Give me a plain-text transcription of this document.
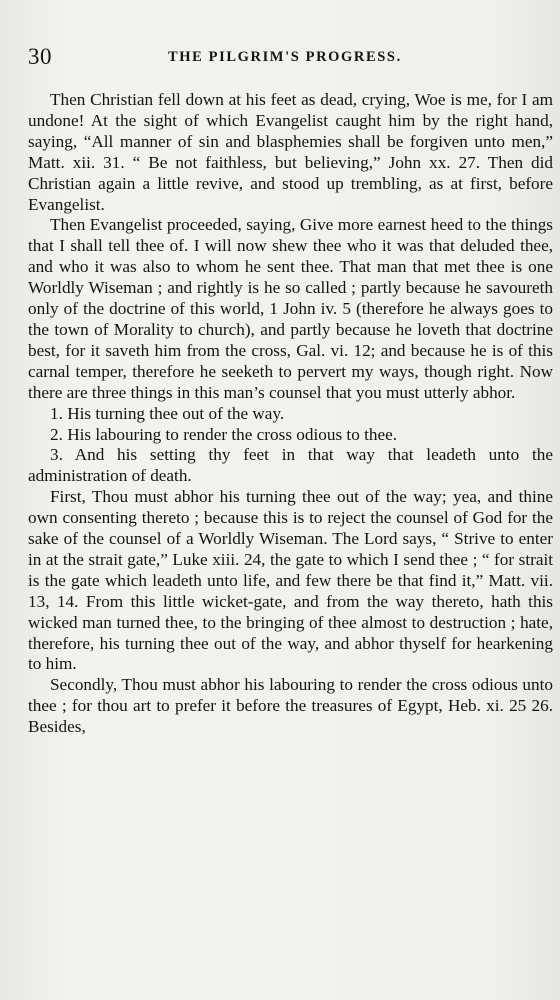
30	THE PILGRIM'S PROGRESS.

Then Christian fell down at his feet as dead, crying, Woe is me, for I am undone! At the sight of which Evangelist caught him by the right hand, saying, “All manner of sin and blasphemies shall be forgiven unto men,” Matt. xii. 31. “ Be not faithless, but believing,” John xx. 27. Then did Christian again a little revive, and stood up trembling, as at first, before Evangelist.

Then Evangelist proceeded, saying, Give more earnest heed to the things that I shall tell thee of. I will now shew thee who it was that deluded thee, and who it was also to whom he sent thee. That man that met thee is one Worldly Wiseman ; and rightly is he so called ; partly because he savoureth only of the doctrine of this world, 1 John iv. 5 (therefore he always goes to the town of Morality to church), and partly because he loveth that doctrine best, for it saveth him from the cross, Gal. vi. 12; and because he is of this carnal temper, therefore he seeketh to pervert my ways, though right. Now there are three things in this man’s counsel that you must utterly abhor.

1. His turning thee out of the way.

2. His labouring to render the cross odious to thee.

3. And his setting thy feet in that way that leadeth unto the administration of death.

First, Thou must abhor his turning thee out of the way; yea, and thine own consenting thereto ; because this is to reject the counsel of God for the sake of the counsel of a Worldly Wiseman. The Lord says, “ Strive to enter in at the strait gate,” Luke xiii. 24, the gate to which I send thee ; “ for strait is the gate which leadeth unto life, and few there be that find it,” Matt. vii. 13, 14. From this little wicket-gate, and from the way thereto, hath this wicked man turned thee, to the bringing of thee almost to destruction ; hate, therefore, his turning thee out of the way, and abhor thyself for hearkening to him.

Secondly, Thou must abhor his labouring to render the cross odious unto thee ; for thou art to prefer it before the treasures of Egypt, Heb. xi. 25 26. Besides,
